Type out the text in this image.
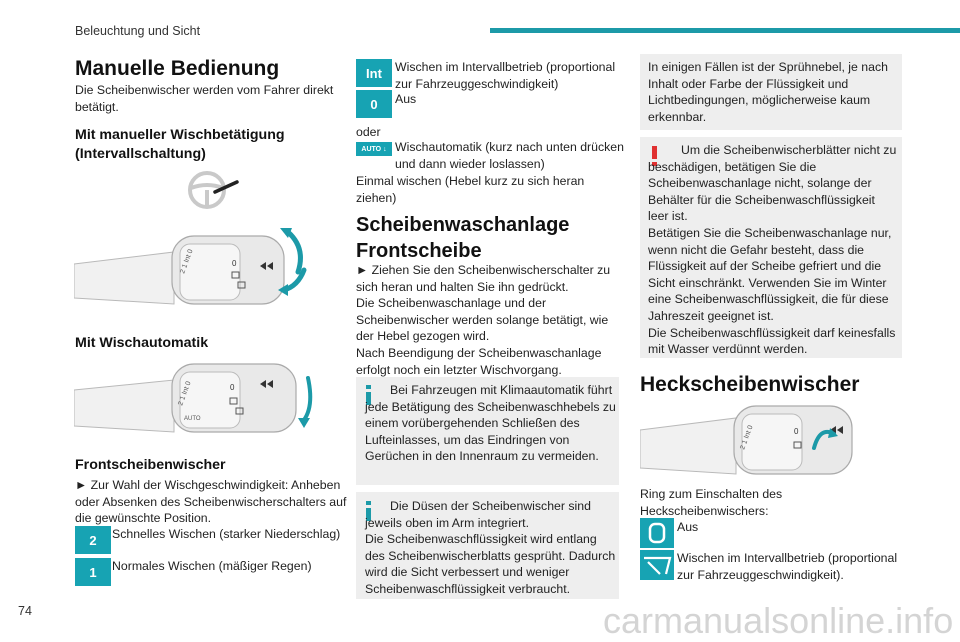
Beleuchtung und Sicht
Manuelle Bedienung
Die Scheibenwischer werden vom Fahrer direkt betätigt.
Mit manueller Wischbetätigung (Intervallschaltung)
2 1 Int 0	0
Mit Wischautomatik
2 1 Int 0
AUTO
0
Frontscheibenwischer
► Zur Wahl der Wischgeschwindigkeit: Anheben oder Absenken des Scheibenwischerschalters auf die gewünschte Position.
2	Schnelles Wischen (starker Niederschlag)
1	Normales Wischen (mäßiger Regen)
Int	Wischen im Intervallbetrieb (proportional zur Fahrzeuggeschwindigkeit)
0	Aus
oder
AUTO ↓ Wischautomatik (kurz nach unten drücken und dann wieder loslassen)
Einmal wischen (Hebel kurz zu sich heran ziehen)
Scheibenwaschanlage Frontscheibe
► Ziehen Sie den Scheibenwischerschalter zu sich heran und halten Sie ihn gedrückt.
Die Scheibenwaschanlage und der Scheibenwischer werden solange betätigt, wie der Hebel gezogen wird.
Nach Beendigung der Scheibenwaschanlage erfolgt noch ein letzter Wischvorgang.
Bei Fahrzeugen mit Klimaautomatik führt jede Betätigung des Scheibenwaschhebels zu einem vorübergehenden Schließen des Lufteinlasses, um das Eindringen von Gerüchen in den Innenraum zu vermeiden.
Die Düsen der Scheibenwischer sind jeweils oben im Arm integriert.
Die Scheibenwaschflüssigkeit wird entlang des Scheibenwischerblatts gesprüht. Dadurch wird die Sicht verbessert und weniger Scheibenwaschflüssigkeit verbraucht.
In einigen Fällen ist der Sprühnebel, je nach Inhalt oder Farbe der Flüssigkeit und Lichtbedingungen, möglicherweise kaum erkennbar.
Um die Scheibenwischerblätter nicht zu beschädigen, betätigen Sie die Scheibenwaschanlage nicht, solange der Behälter für die Scheibenwaschflüssigkeit leer ist.
Betätigen Sie die Scheibenwaschanlage nur, wenn nicht die Gefahr besteht, dass die Flüssigkeit auf der Scheibe gefriert und die Sicht einschränkt. Verwenden Sie im Winter eine Scheibenwaschflüssigkeit, die für diese Jahreszeit geeignet ist.
Die Scheibenwaschflüssigkeit darf keinesfalls mit Wasser verdünnt werden.
Heckscheibenwischer
2 1 Int 0	0
Ring zum Einschalten des Heckscheibenwischers:
Aus
Wischen im Intervallbetrieb (proportional zur Fahrzeuggeschwindigkeit).
74	carmanualsonline.info
